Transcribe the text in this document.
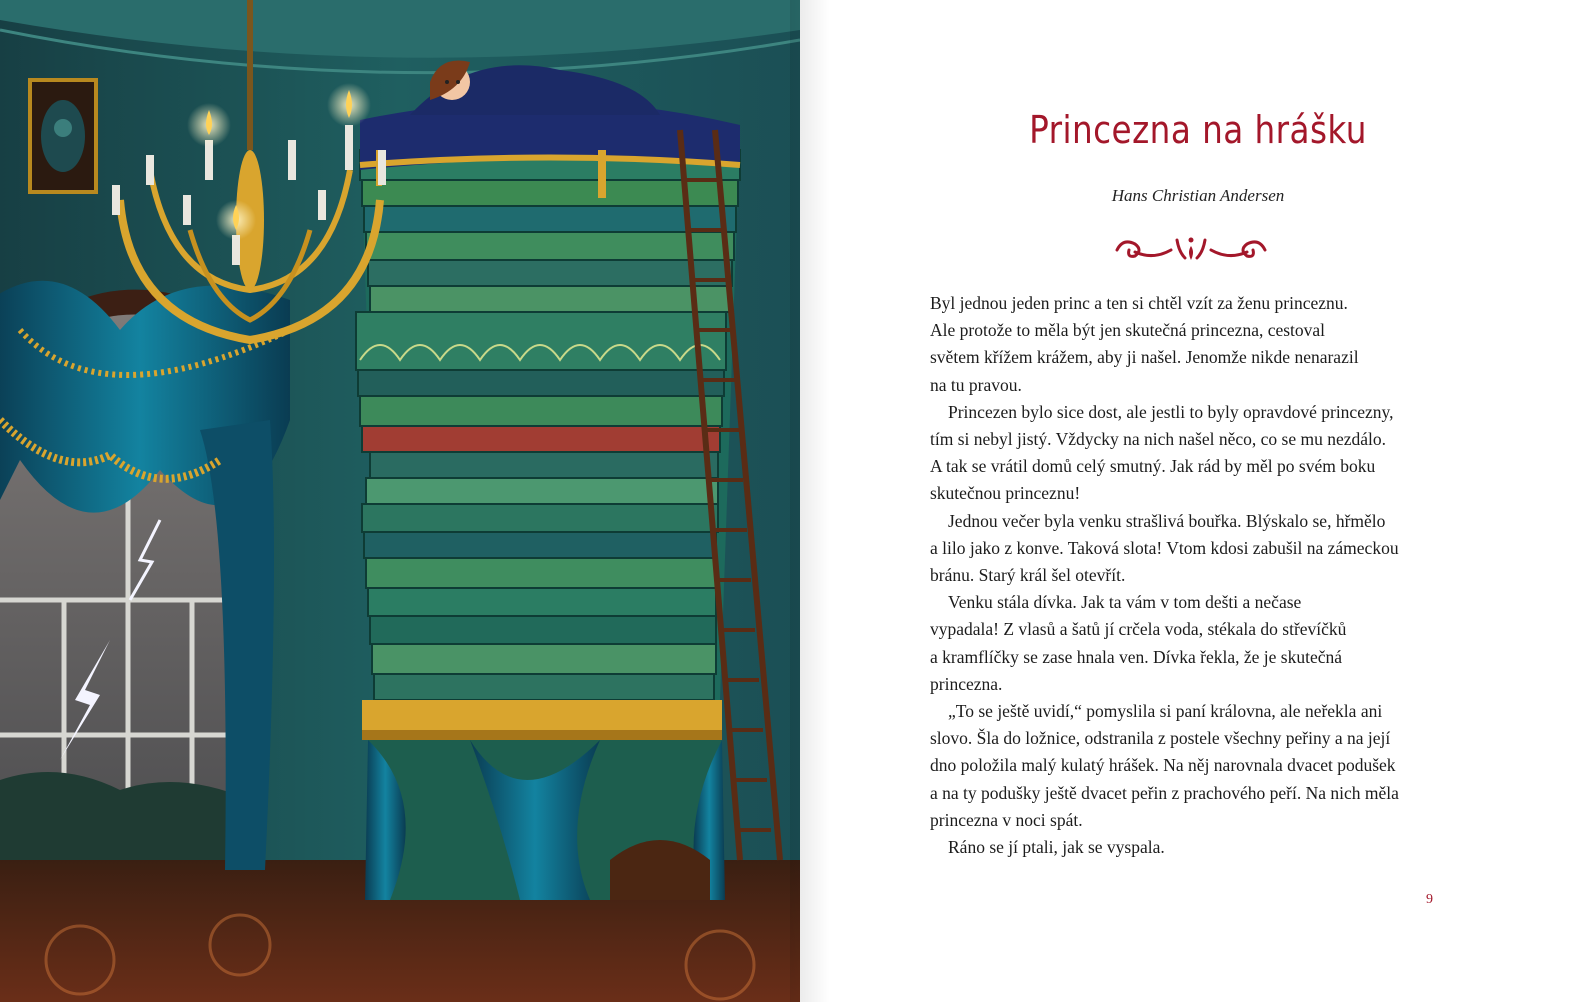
Princezna na hrášku
Hans Christian Andersen
Byl jednou jeden princ a ten si chtěl vzít za ženu princeznu.
Ale protože to měla být jen skutečná princezna, cestoval
světem křížem krážem, aby ji našel. Jenomže nikde nenarazil
na tu pravou.
Princezen bylo sice dost, ale jestli to byly opravdové princezny,
tím si nebyl jistý. Vždycky na nich našel něco, co se mu nezdálo.
A tak se vrátil domů celý smutný. Jak rád by měl po svém boku
skutečnou princeznu!
Jednou večer byla venku strašlivá bouřka. Blýskalo se, hřmělo
a lilo jako z konve. Taková slota! Vtom kdosi zabušil na zámeckou
bránu. Starý král šel otevřít.
Venku stála dívka. Jak ta vám v tom dešti a nečase
vypadala! Z vlasů a šatů jí crčela voda, stékala do střevíčků
a kramflíčky se zase hnala ven. Dívka řekla, že je skutečná
princezna.
„To se ještě uvidí,“ pomyslila si paní královna, ale neřekla ani
slovo. Šla do ložnice, odstranila z postele všechny peřiny a na její
dno položila malý kulatý hrášek. Na něj narovnala dvacet podušek
a na ty podušky ještě dvacet peřin z prachového peří. Na nich měla
princezna v noci spát.
Ráno se jí ptali, jak se vyspala.
9
